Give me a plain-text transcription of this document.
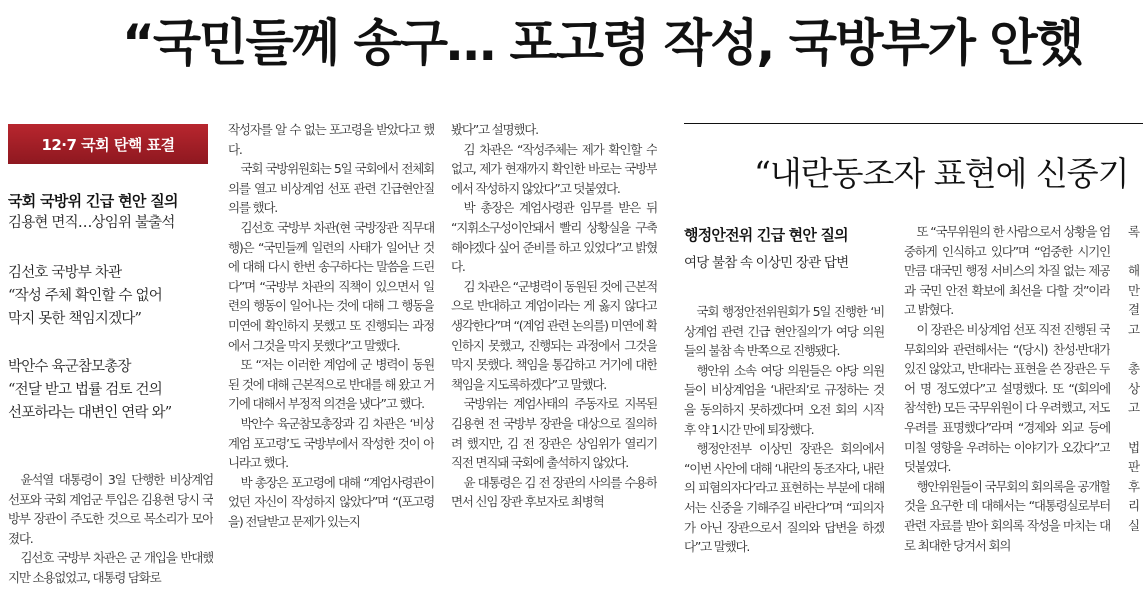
“국민들께 송구… 포고령 작성, 국방부가 안했
12·7 국회 탄핵 표결
국회 국방위 긴급 현안 질의
김용현 면직…상임위 불출석
김선호 국방부 차관
“작성 주체 확인할 수 없어
막지 못한 책임지겠다”
박안수 육군참모총장
“전달 받고 법률 검토 건의
선포하라는 대변인 연락 와”

윤석열 대통령이 3일 단행한 비상계엄 선포와 국회 계엄군 투입은 김용현 당시 국방부 장관이 주도한 것으로 목소리가 모아졌다.

김선호 국방부 차관은 군 개입을 반대했지만 소용없었고, 대통령 담화로

작성자를 알 수 없는 포고령을 받았다고 했다.

국회 국방위원회는 5일 국회에서 전체회의를 열고 비상계엄 선포 관련 긴급현안질의를 했다.

김선호 국방부 차관(현 국방장관 직무대행)은 “국민들께 일련의 사태가 일어난 것에 대해 다시 한번 송구하다는 말씀을 드린다”며 “국방부 차관의 직책이 있으면서 일련의 행동이 일어나는 것에 대해 그 행동을 미연에 확인하지 못했고 또 진행되는 과정에서 그것을 막지 못했다”고 말했다.

또 “저는 이러한 계엄에 군 병력이 동원된 것에 대해 근본적으로 반대를 해 왔고 거기에 대해서 부정적 의견을 냈다”고 했다.

박안수 육군참모총장과 김 차관은 ‘비상계엄 포고령’도 국방부에서 작성한 것이 아니라고 했다.

박 총장은 포고령에 대해 “계엄사령관이었던 자신이 작성하지 않았다”며 “(포고령을) 전달받고 문제가 있는지

봤다”고 설명했다.

김 차관은 “작성주체는 제가 확인할 수 없고, 제가 현재까지 확인한 바로는 국방부에서 작성하지 않았다”고 덧붙였다.

박 총장은 계엄사령관 임무를 받은 뒤 “지휘소구성이안돼서 빨리 상황실을 구축해야겠다 싶어 준비를 하고 있었다”고 밝혔다.

김 차관은 “군병력이 동원된 것에 근본적으로 반대하고 계엄이라는 게 옳지 않다고 생각한다”며 “(계엄 관련 논의를) 미연에 확인하지 못했고, 진행되는 과정에서 그것을 막지 못했다. 책임을 통감하고 거기에 대한 책임을 지도록하겠다”고 말했다.

국방위는 계엄사태의 주동자로 지목된 김용현 전 국방부 장관을 대상으로 질의하려 했지만, 김 전 장관은 상임위가 열리기 직전 면직돼 국회에 출석하지 않았다.

윤 대통령은 김 전 장관의 사의를 수용하면서 신임 장관 후보자로 최병혁

“내란동조자 표현에 신중기
행정안전위 긴급 현안 질의
여당 불참 속 이상민 장관 답변

국회 행정안전위원회가 5일 진행한 ‘비상계엄 관련 긴급 현안질의’가 여당 의원들의 불참 속 반쪽으로 진행됐다.

행안위 소속 여당 의원들은 야당 의원들이 비상계엄을 ‘내란죄’로 규정하는 것을 동의하지 못하겠다며 오전 회의 시작 후 약 1시간 만에 퇴장했다.

행정안전부 이상민 장관은 회의에서 “이번 사안에 대해 ‘내란의 동조자다, 내란의 피혐의자다’라고 표현하는 부분에 대해서는 신중을 기해주길 바란다”며 “피의자가 아닌 장관으로서 질의와 답변을 하겠다”고 말했다.

또 “국무위원의 한 사람으로서 상황을 엄중하게 인식하고 있다”며 “엄중한 시기인 만큼 대국민 행정 서비스의 차질 없는 제공과 국민 안전 확보에 최선을 다할 것”이라고 밝혔다.

이 장관은 비상계엄 선포 직전 진행된 국무회의와 관련해서는 “(당시) 찬성·반대가 있진 않았고, 반대라는 표현을 쓴 장관은 두어 명 정도였다”고 설명했다. 또 “(회의에 참석한) 모든 국무위원이 다 우려했고, 저도 우려를 표명했다”라며 “경제와 외교 등에 미칠 영향을 우려하는 이야기가 오갔다”고 덧붙였다.

행안위원들이 국무회의 회의록을 공개할 것을 요구한 데 대해서는 “대통령실로부터 관련 자료를 받아 회의록 작성을 마치는 대로 최대한 당겨서 회의

록

해
만
결
고

총
상
고

법
판
후
리
실
